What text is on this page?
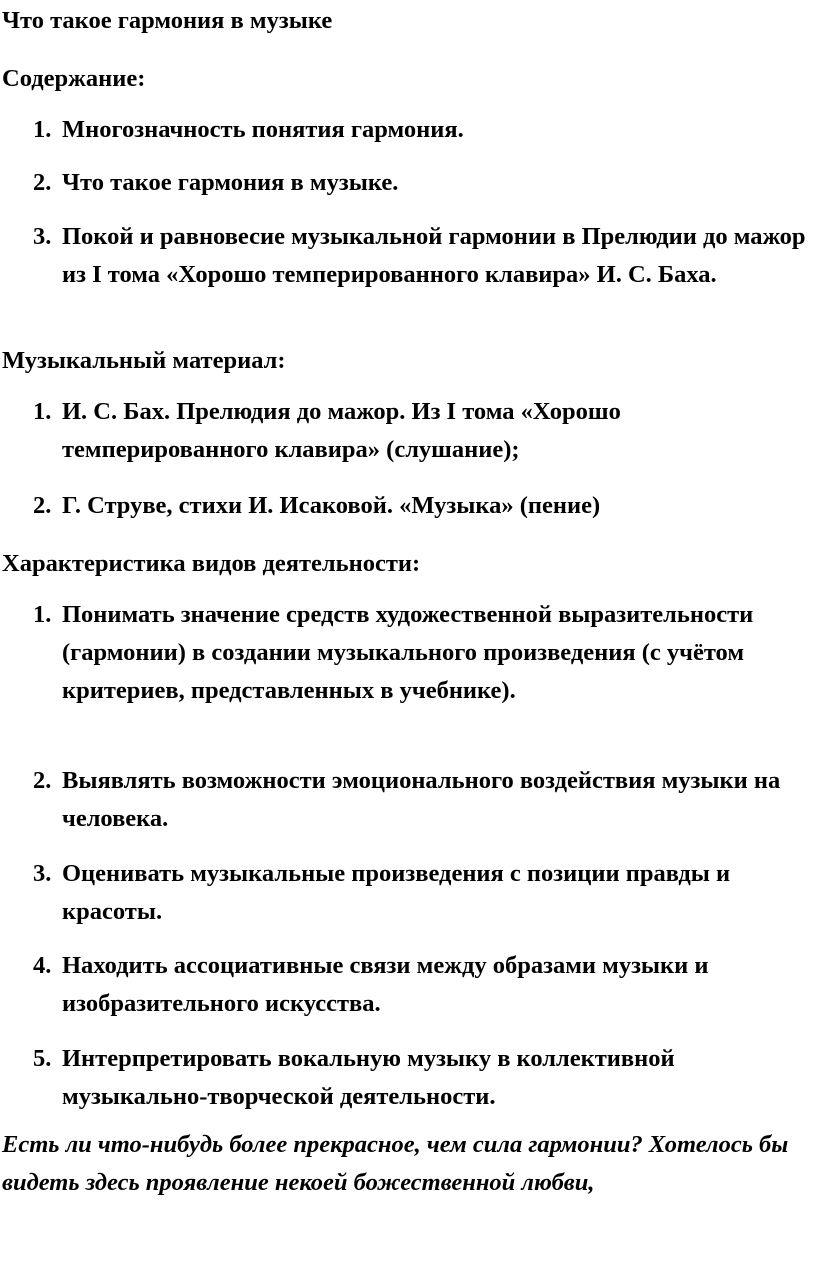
Что такое гармония в музыке
Содержание:
1. Многозначность понятия гармония.
2. Что такое гармония в музыке.
3. Покой и равновесие музыкальной гармонии в Прелюдии до мажор из I тома «Хорошо темперированного клавира» И. С. Баха.
Музыкальный материал:
1. И. С. Бах. Прелюдия до мажор. Из I тома «Хорошо темперированного клавира» (слушание);
2. Г. Струве, стихи И. Исаковой. «Музыка» (пение)
Характеристика видов деятельности:
1. Понимать значение средств художественной выразительности (гармонии) в создании музыкального произведения (с учётом критериев, представленных в учебнике).
2. Выявлять возможности эмоционального воздействия музыки на человека.
3. Оценивать музыкальные произведения с позиции правды и красоты.
4. Находить ассоциативные связи между образами музыки и изобразительного искусства.
5. Интерпретировать вокальную музыку в коллективной музыкально-творческой деятельности.
Есть ли что-нибудь более прекрасное, чем сила гармонии? Хотелось бы видеть здесь проявление некоей божественной любви,
